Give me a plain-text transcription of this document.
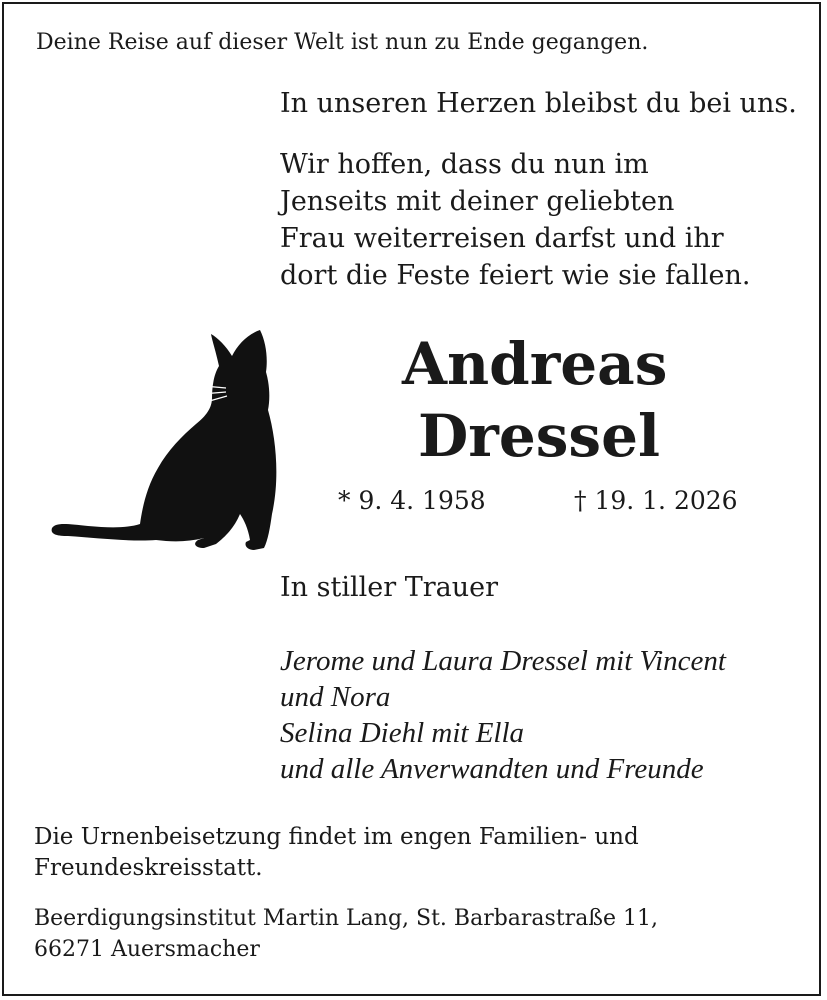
Deine Reise auf dieser Welt ist nun zu Ende gegangen.
In unseren Herzen bleibst du bei uns.
Wir hoffen, dass du nun im
Jenseits mit deiner geliebten
Frau weiterreisen darfst und ihr
dort die Feste feiert wie sie fallen.
Andreas
Dressel
* 9. 4. 1958	† 19. 1. 2026
In stiller Trauer
Jerome und Laura Dressel mit Vincent
und Nora
Selina Diehl mit Ella
und alle Anverwandten und Freunde
Die Urnenbeisetzung findet im engen Familien- und
Freundeskreisstatt.
Beerdigungsinstitut Martin Lang, St. Barbarastraße 11,
66271 Auersmacher
